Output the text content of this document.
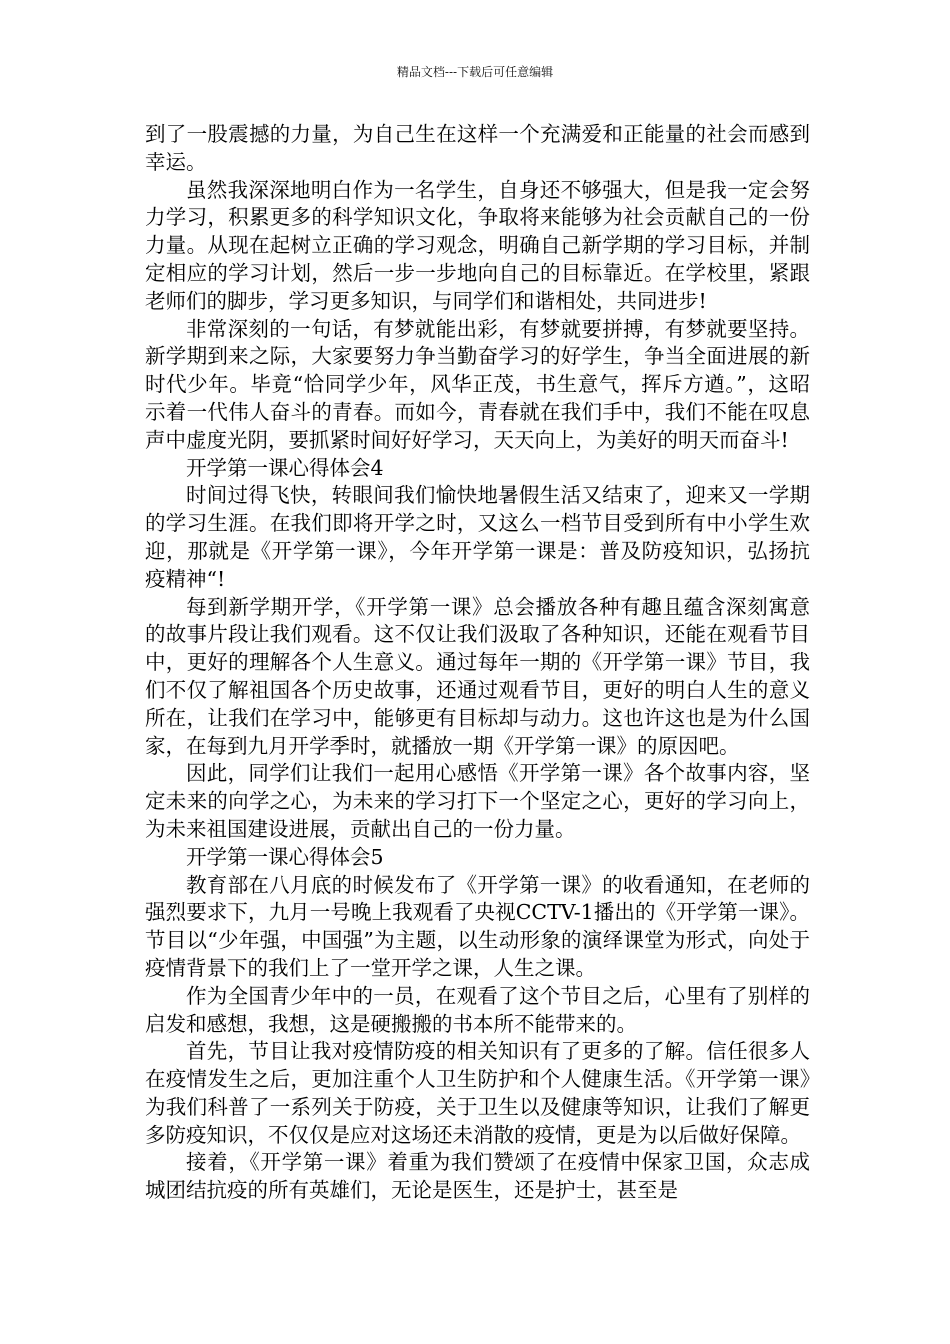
精品文档---下载后可任意编辑

到了一股震撼的力量，为自己生在这样一个充满爱和正能量的社会而感到幸运。

虽然我深深地明白作为一名学生，自身还不够强大，但是我一定会努力学习，积累更多的科学知识文化，争取将来能够为社会贡献自己的一份力量。从现在起树立正确的学习观念，明确自己新学期的学习目标，并制定相应的学习计划，然后一步一步地向自己的目标靠近。在学校里，紧跟老师们的脚步，学习更多知识，与同学们和谐相处，共同进步!

非常深刻的一句话，有梦就能出彩，有梦就要拼搏，有梦就要坚持。新学期到来之际，大家要努力争当勤奋学习的好学生，争当全面进展的新时代少年。毕竟“恰同学少年，风华正茂，书生意气，挥斥方遒。”，这昭示着一代伟人奋斗的青春。而如今，青春就在我们手中，我们不能在叹息声中虚度光阴，要抓紧时间好好学习，天天向上，为美好的明天而奋斗!

开学第一课心得体会4

时间过得飞快，转眼间我们愉快地暑假生活又结束了，迎来又一学期的学习生涯。在我们即将开学之时，又这么一档节目受到所有中小学生欢迎，那就是《开学第一课》，今年开学第一课是：普及防疫知识，弘扬抗疫精神“!

每到新学期开学，《开学第一课》总会播放各种有趣且蕴含深刻寓意的故事片段让我们观看。这不仅让我们汲取了各种知识，还能在观看节目中，更好的理解各个人生意义。通过每年一期的《开学第一课》节目，我们不仅了解祖国各个历史故事，还通过观看节目，更好的明白人生的意义所在，让我们在学习中，能够更有目标却与动力。这也许这也是为什么国家，在每到九月开学季时，就播放一期《开学第一课》的原因吧。

因此，同学们让我们一起用心感悟《开学第一课》各个故事内容，坚定未来的向学之心，为未来的学习打下一个坚定之心，更好的学习向上，为未来祖国建设进展，贡献出自己的一份力量。

开学第一课心得体会5

教育部在八月底的时候发布了《开学第一课》的收看通知，在老师的强烈要求下，九月一号晚上我观看了央视CCTV-1播出的《开学第一课》。节目以“少年强，中国强”为主题，以生动形象的演绎课堂为形式，向处于疫情背景下的我们上了一堂开学之课，人生之课。

作为全国青少年中的一员，在观看了这个节目之后，心里有了别样的启发和感想，我想，这是硬搬搬的书本所不能带来的。

首先，节目让我对疫情防疫的相关知识有了更多的了解。信任很多人在疫情发生之后，更加注重个人卫生防护和个人健康生活。《开学第一课》为我们科普了一系列关于防疫，关于卫生以及健康等知识，让我们了解更多防疫知识，不仅仅是应对这场还未消散的疫情，更是为以后做好保障。

接着，《开学第一课》着重为我们赞颂了在疫情中保家卫国，众志成城团结抗疫的所有英雄们，无论是医生，还是护士，甚至是
